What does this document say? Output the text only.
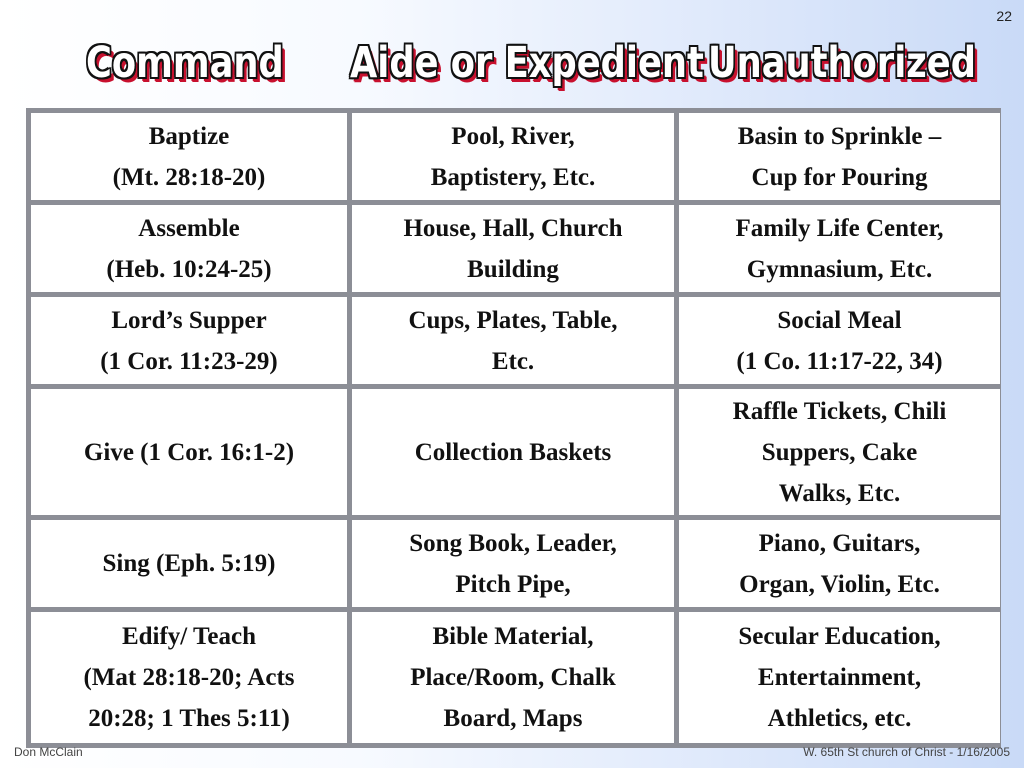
22
Command Aide or Expedient Unauthorized
Baptize
(Mt. 28:18-20)
Pool, River,
Baptistery, Etc.
Basin to Sprinkle –
Cup for Pouring
Assemble
(Heb. 10:24-25)
House, Hall, Church
Building
Family Life Center,
Gymnasium, Etc.
Lord’s Supper
(1 Cor. 11:23-29)
Cups, Plates, Table,
Etc.
Social Meal
(1 Co. 11:17-22, 34)
Give (1 Cor. 16:1-2)	Collection Baskets
Raffle Tickets, Chili
Suppers, Cake
Walks, Etc.
Sing (Eph. 5:19)
Song Book, Leader,
Pitch Pipe,
Piano, Guitars,
Organ, Violin, Etc.
Edify/ Teach
(Mat 28:18-20; Acts
20:28; 1 Thes 5:11)
Bible Material,
Place/Room, Chalk
Board, Maps
Secular Education,
Entertainment,
Athletics, etc.
Don McClain	W. 65th St church of Christ - 1/16/2005
